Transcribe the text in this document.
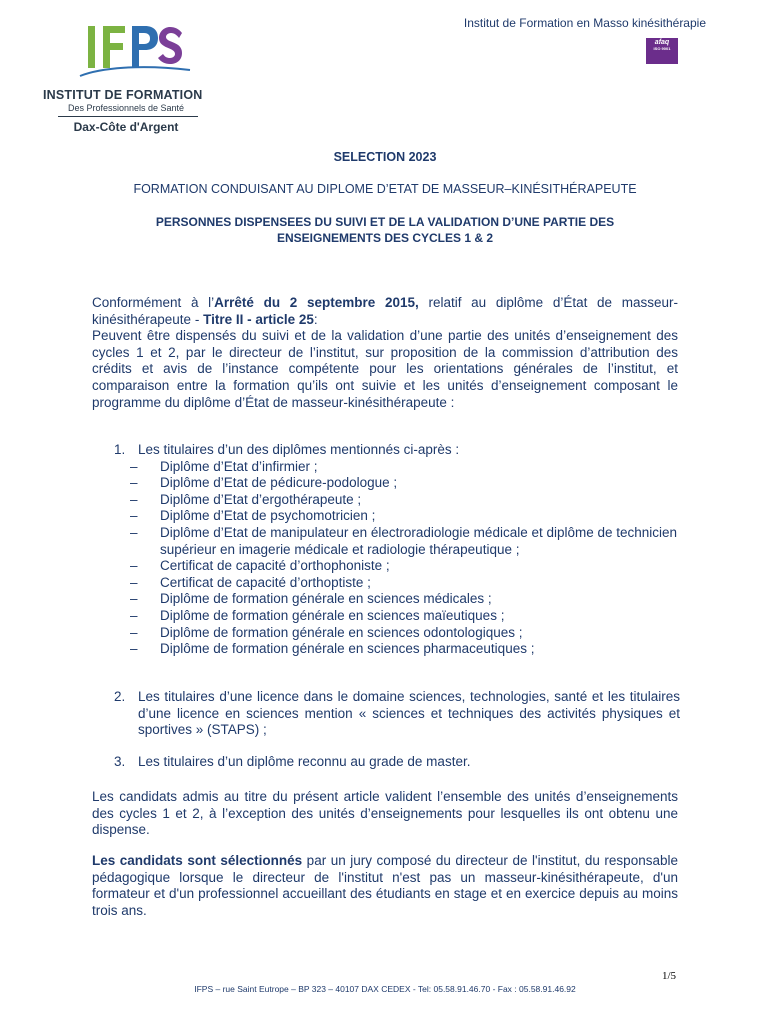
INSTITUT DE FORMATION
Des Professionnels de Santé
Dax-Côte d'Argent
Institut de Formation en Masso kinésithérapie
afaq
ISO 9001
SELECTION 2023
FORMATION CONDUISANT AU DIPLOME D’ETAT DE MASSEUR–KINÉSITHÉRAPEUTE
PERSONNES DISPENSEES DU SUIVI ET DE LA VALIDATION D’UNE PARTIE DES ENSEIGNEMENTS DES CYCLES 1 & 2
Conformément à l’Arrêté du 2 septembre 2015, relatif au diplôme d’État de masseur-kinésithérapeute - Titre II - article 25:
Peuvent être dispensés du suivi et de la validation d’une partie des unités d’enseignement des cycles 1 et 2, par le directeur de l’institut, sur proposition de la commission d’attribution des crédits et avis de l’instance compétente pour les orientations générales de l’institut, et comparaison entre la formation qu’ils ont suivie et les unités d’enseignement composant le programme du diplôme d’État de masseur-kinésithérapeute :
1. Les titulaires d’un des diplômes mentionnés ci-après :
– Diplôme d’Etat d’infirmier ;
– Diplôme d’Etat de pédicure-podologue ;
– Diplôme d’Etat d’ergothérapeute ;
– Diplôme d’Etat de psychomotricien ;
– Diplôme d’Etat de manipulateur en électroradiologie médicale et diplôme de technicien supérieur en imagerie médicale et radiologie thérapeutique ;
– Certificat de capacité d’orthophoniste ;
– Certificat de capacité d’orthoptiste ;
– Diplôme de formation générale en sciences médicales ;
– Diplôme de formation générale en sciences maïeutiques ;
– Diplôme de formation générale en sciences odontologiques ;
– Diplôme de formation générale en sciences pharmaceutiques ;
2. Les titulaires d’une licence dans le domaine sciences, technologies, santé et les titulaires d’une licence en sciences mention « sciences et techniques des activités physiques et sportives » (STAPS) ;
3. Les titulaires d’un diplôme reconnu au grade de master.
Les candidats admis au titre du présent article valident l’ensemble des unités d’enseignements des cycles 1 et 2, à l’exception des unités d’enseignements pour lesquelles ils ont obtenu une dispense.
Les candidats sont sélectionnés par un jury composé du directeur de l'institut, du responsable pédagogique lorsque le directeur de l'institut n'est pas un masseur-kinésithérapeute, d'un formateur et d'un professionnel accueillant des étudiants en stage et en exercice depuis au moins trois ans.
1/5
IFPS – rue Saint Eutrope – BP 323 – 40107 DAX CEDEX - Tel: 05.58.91.46.70 - Fax : 05.58.91.46.92
